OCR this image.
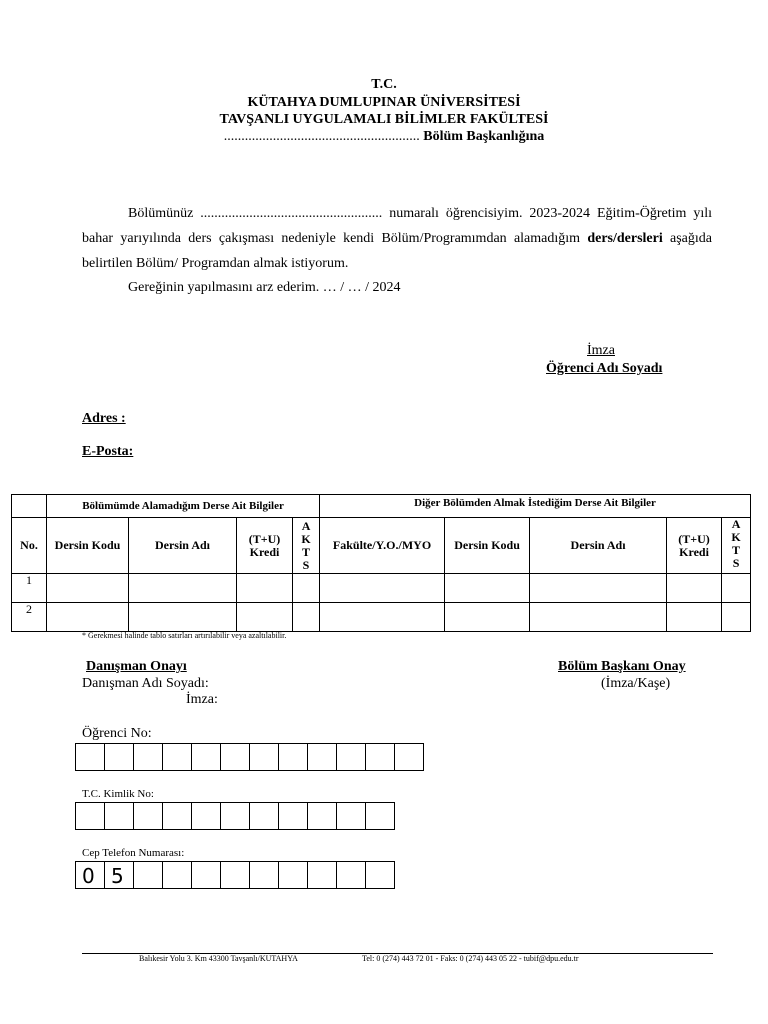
T.C.
KÜTAHYA DUMLUPINAR ÜNİVERSİTESİ
TAVŞANLI UYGULAMALI BİLİMLER FAKÜLTESİ
........................................................ Bölüm Başkanlığına
Bölümünüz .................................................... numaralı öğrencisiyim. 2023-2024 Eğitim-Öğretim yılı bahar yarıyılında ders çakışması nedeniyle kendi Bölüm/Programımdan alamadığım ders/dersleri aşağıda belirtilen Bölüm/ Programdan almak istiyorum.
Gereğinin yapılmasını arz ederim. … / … / 2024
İmza
Öğrenci Adı Soyadı
Adres :
E-Posta:
	Bölümümde Alamadığım Derse Ait Bilgiler				Diğer Bölümden Almak İstediğim Derse Ait Bilgiler				
No.	Dersin Kodu	Dersin Adı	(T+U) Kredi	A K T S	Fakülte/Y.O./MYO	Dersin Kodu	Dersin Adı	(T+U) Kredi	A K T S
1									
2									
* Gerekmesi halinde tablo satırları artırılabilir veya azaltılabilir.
Danışman Onayı
Danışman Adı Soyadı:
İmza:
Bölüm Başkanı Onay
(İmza/Kaşe)
Öğrenci No:
T.C. Kimlik No:
Cep Telefon Numarası:
0 5
Balıkesir Yolu 3. Km 43300 Tavşanlı/KUTAHYA	Tel: 0 (274) 443 72 01 - Faks: 0 (274) 443 05 22 - tubif@dpu.edu.tr
